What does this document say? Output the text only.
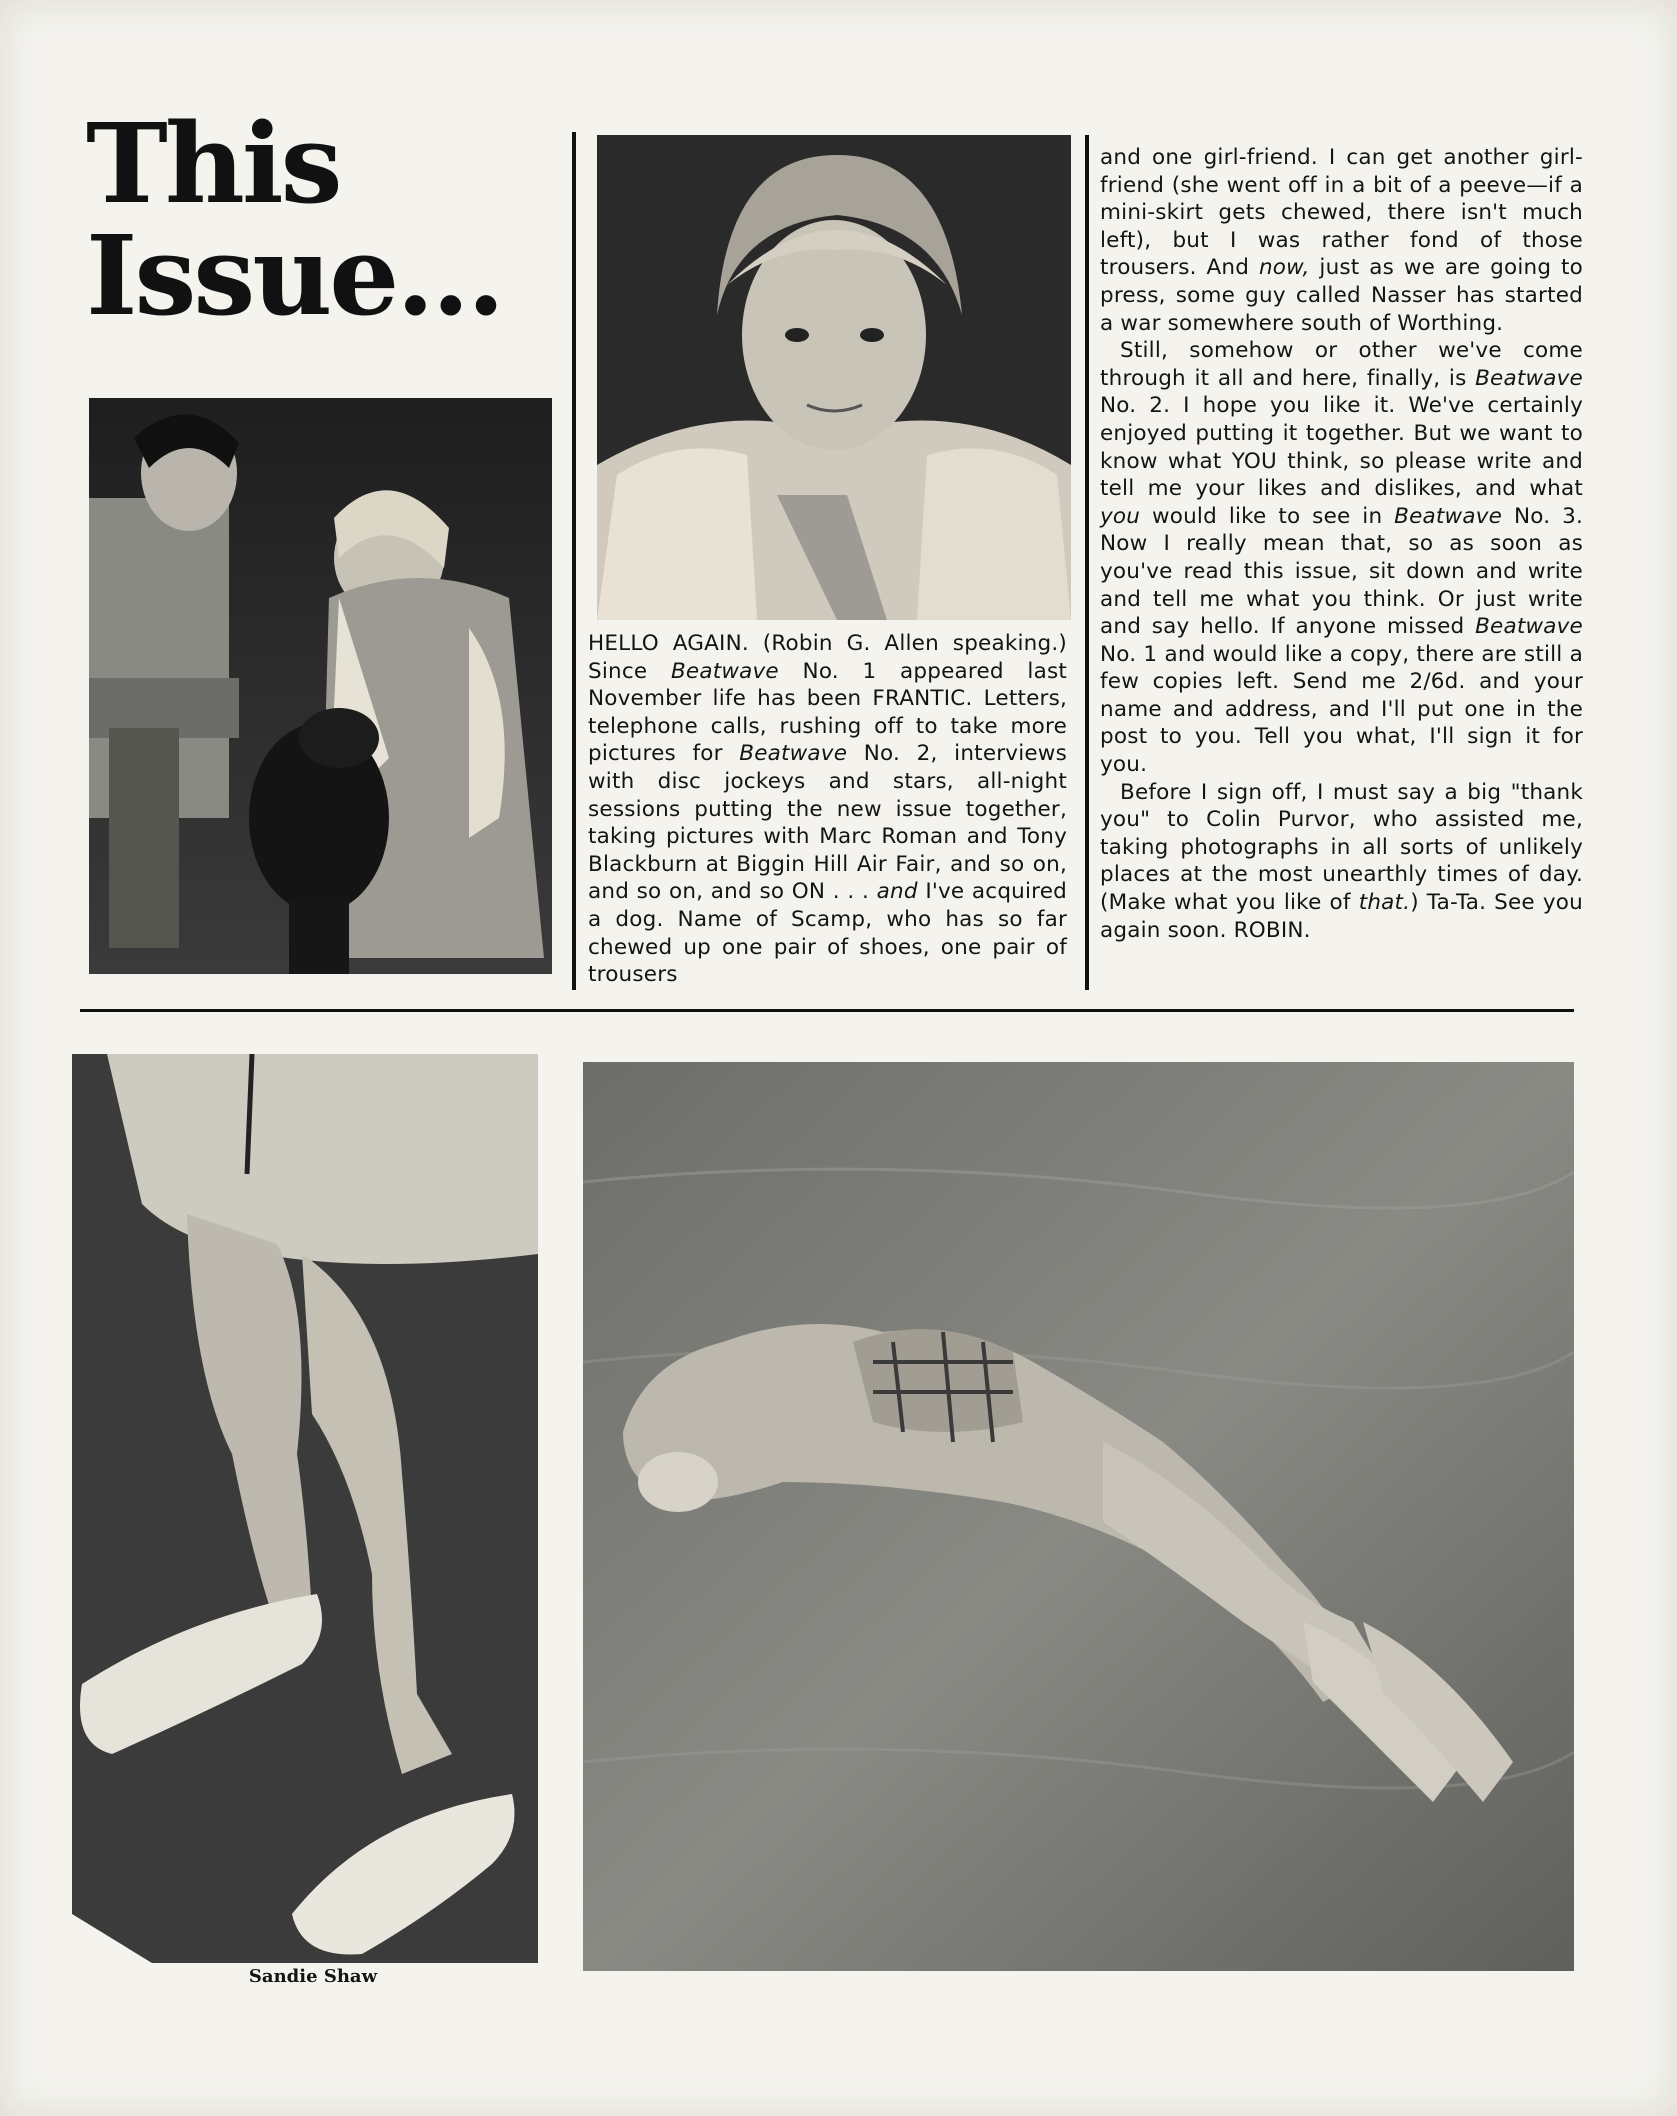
This
Issue...

HELLO AGAIN. (Robin G. Allen speaking.) Since Beatwave No. 1 appeared last November life has been FRANTIC. Letters, telephone calls, rushing off to take more pictures for Beatwave No. 2, interviews with disc jockeys and stars, all-night sessions putting the new issue together, taking pictures with Marc Roman and Tony Blackburn at Biggin Hill Air Fair, and so on, and so on, and so ON . . . and I've acquired a dog. Name of Scamp, who has so far chewed up one pair of shoes, one pair of trousers

and one girl-friend. I can get another girl-friend (she went off in a bit of a peeve—if a mini-skirt gets chewed, there isn't much left), but I was rather fond of those trousers. And now, just as we are going to press, some guy called Nasser has started a war somewhere south of Worthing.

Still, somehow or other we've come through it all and here, finally, is Beatwave No. 2. I hope you like it. We've certainly enjoyed putting it together. But we want to know what YOU think, so please write and tell me your likes and dislikes, and what you would like to see in Beatwave No. 3. Now I really mean that, so as soon as you've read this issue, sit down and write and tell me what you think. Or just write and say hello. If anyone missed Beatwave No. 1 and would like a copy, there are still a few copies left. Send me 2/6d. and your name and address, and I'll put one in the post to you. Tell you what, I'll sign it for you.

Before I sign off, I must say a big "thank you" to Colin Purvor, who assisted me, taking photographs in all sorts of unlikely places at the most unearthly times of day. (Make what you like of that.) Ta-Ta. See you again soon. ROBIN.

Sandie Shaw
